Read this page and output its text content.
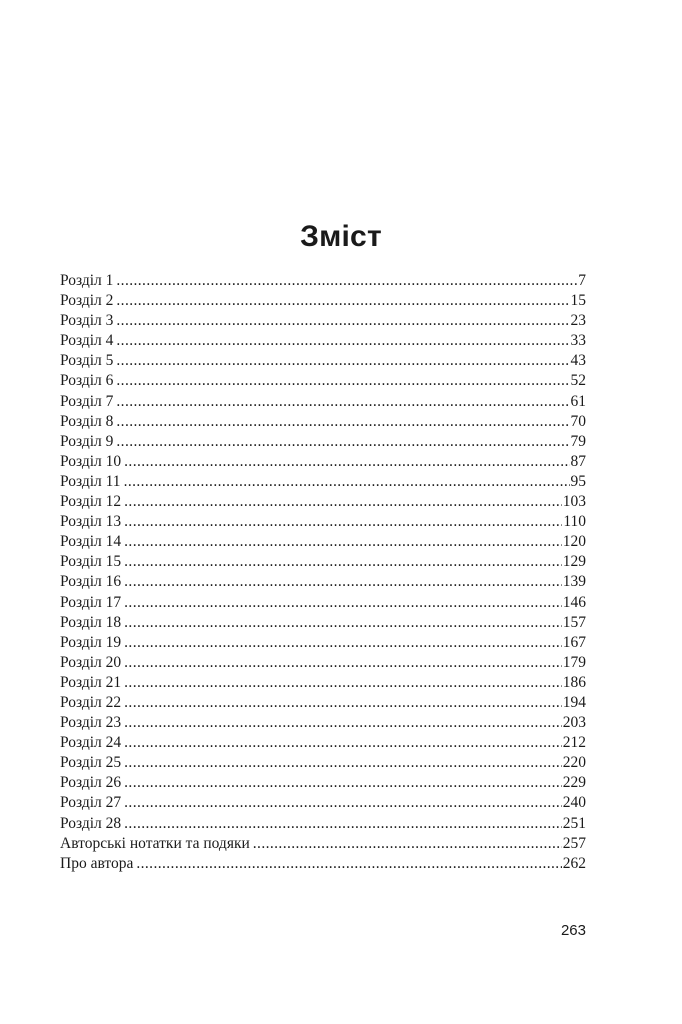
Зміст
Розділ 1 .....	7
Розділ 2 .....	15
Розділ 3 .....	23
Розділ 4 .....	33
Розділ 5 .....	43
Розділ 6 .....	52
Розділ 7 .....	61
Розділ 8 .....	70
Розділ 9 .....	79
Розділ 10 .....	87
Розділ 11 .....	95
Розділ 12 .....	103
Розділ 13 .....	110
Розділ 14 .....	120
Розділ 15 .....	129
Розділ 16 .....	139
Розділ 17 .....	146
Розділ 18 .....	157
Розділ 19 .....	167
Розділ 20 .....	179
Розділ 21 .....	186
Розділ 22 .....	194
Розділ 23 .....	203
Розділ 24 .....	212
Розділ 25 .....	220
Розділ 26 .....	229
Розділ 27 .....	240
Розділ 28 .....	251
Авторські нотатки та подяки .....	257
Про автора .....	262
263
